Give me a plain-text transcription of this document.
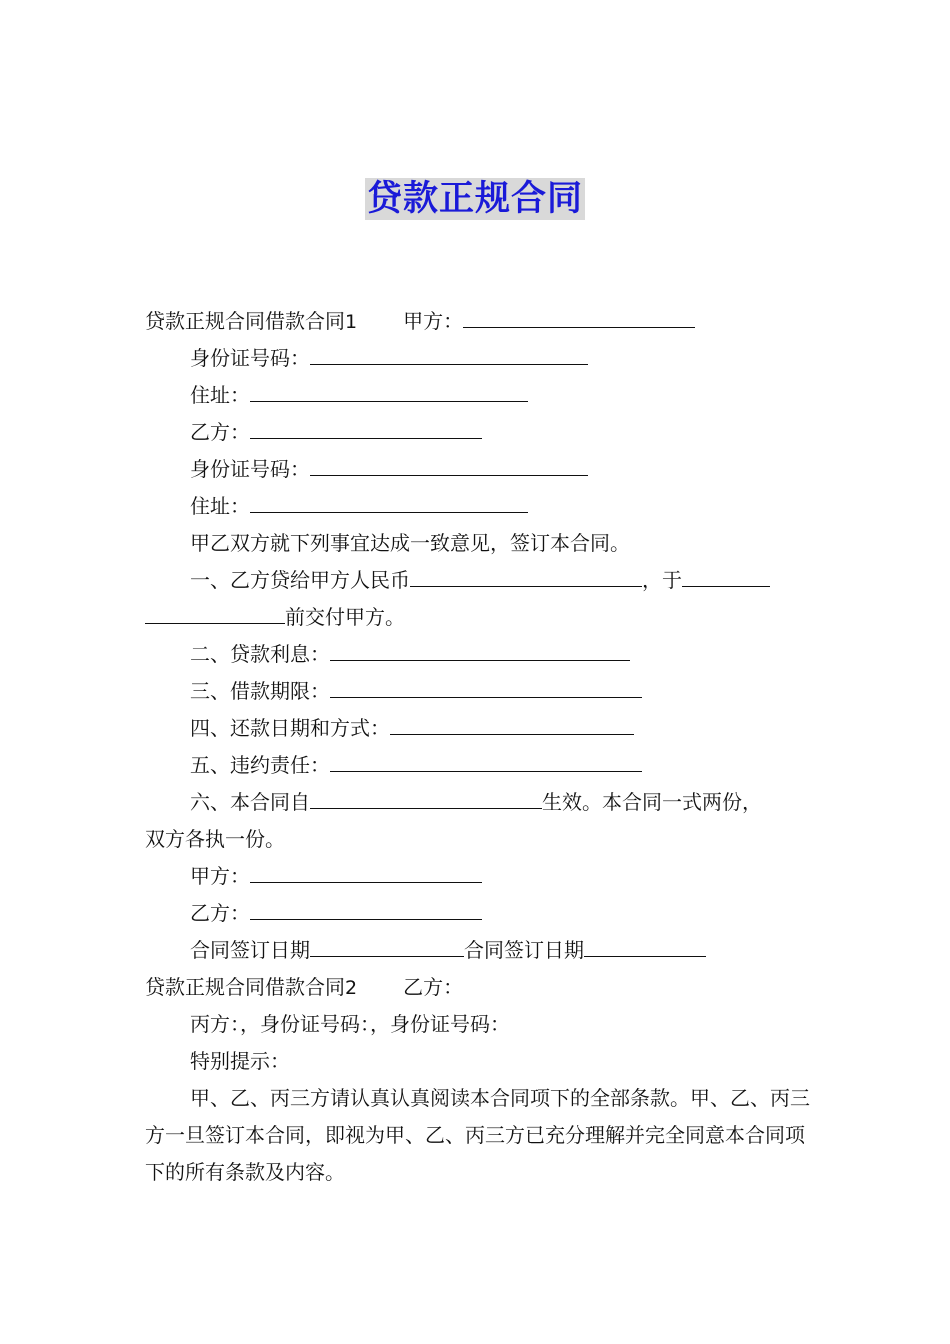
贷款正规合同
贷款正规合同借款合同1 甲方：
身份证号码：
住址：
乙方：
身份证号码：
住址：
甲乙双方就下列事宜达成一致意见，签订本合同。
一、乙方贷给甲方人民币	，于
前交付甲方。
二、贷款利息：
三、借款期限：
四、还款日期和方式：
五、违约责任：
六、本合同自	生效。本合同一式两份，
双方各执一份。
甲方：
乙方：
合同签订日期	合同签订日期
贷款正规合同借款合同2 乙方：
丙方：，身份证号码：，身份证号码：
特别提示：
甲、乙、丙三方请认真认真阅读本合同项下的全部条款。甲、乙、丙三方一旦签订本合同，即视为甲、乙、丙三方已充分理解并完全同意本合同项下的所有条款及内容。
